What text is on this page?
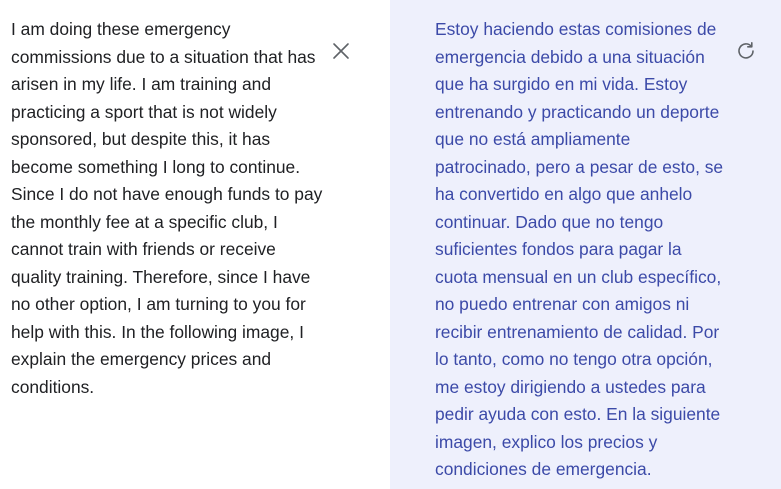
I am doing these emergency
commissions due to a situation that has
arisen in my life. I am training and
practicing a sport that is not widely
sponsored, but despite this, it has
become something I long to continue.
Since I do not have enough funds to pay
the monthly fee at a specific club, I
cannot train with friends or receive
quality training. Therefore, since I have
no other option, I am turning to you for
help with this. In the following image, I
explain the emergency prices and
conditions.

Estoy haciendo estas comisiones de
emergencia debido a una situación
que ha surgido en mi vida. Estoy
entrenando y practicando un deporte
que no está ampliamente
patrocinado, pero a pesar de esto, se
ha convertido en algo que anhelo
continuar. Dado que no tengo
suficientes fondos para pagar la
cuota mensual en un club específico,
no puedo entrenar con amigos ni
recibir entrenamiento de calidad. Por
lo tanto, como no tengo otra opción,
me estoy dirigiendo a ustedes para
pedir ayuda con esto. En la siguiente
imagen, explico los precios y
condiciones de emergencia.
